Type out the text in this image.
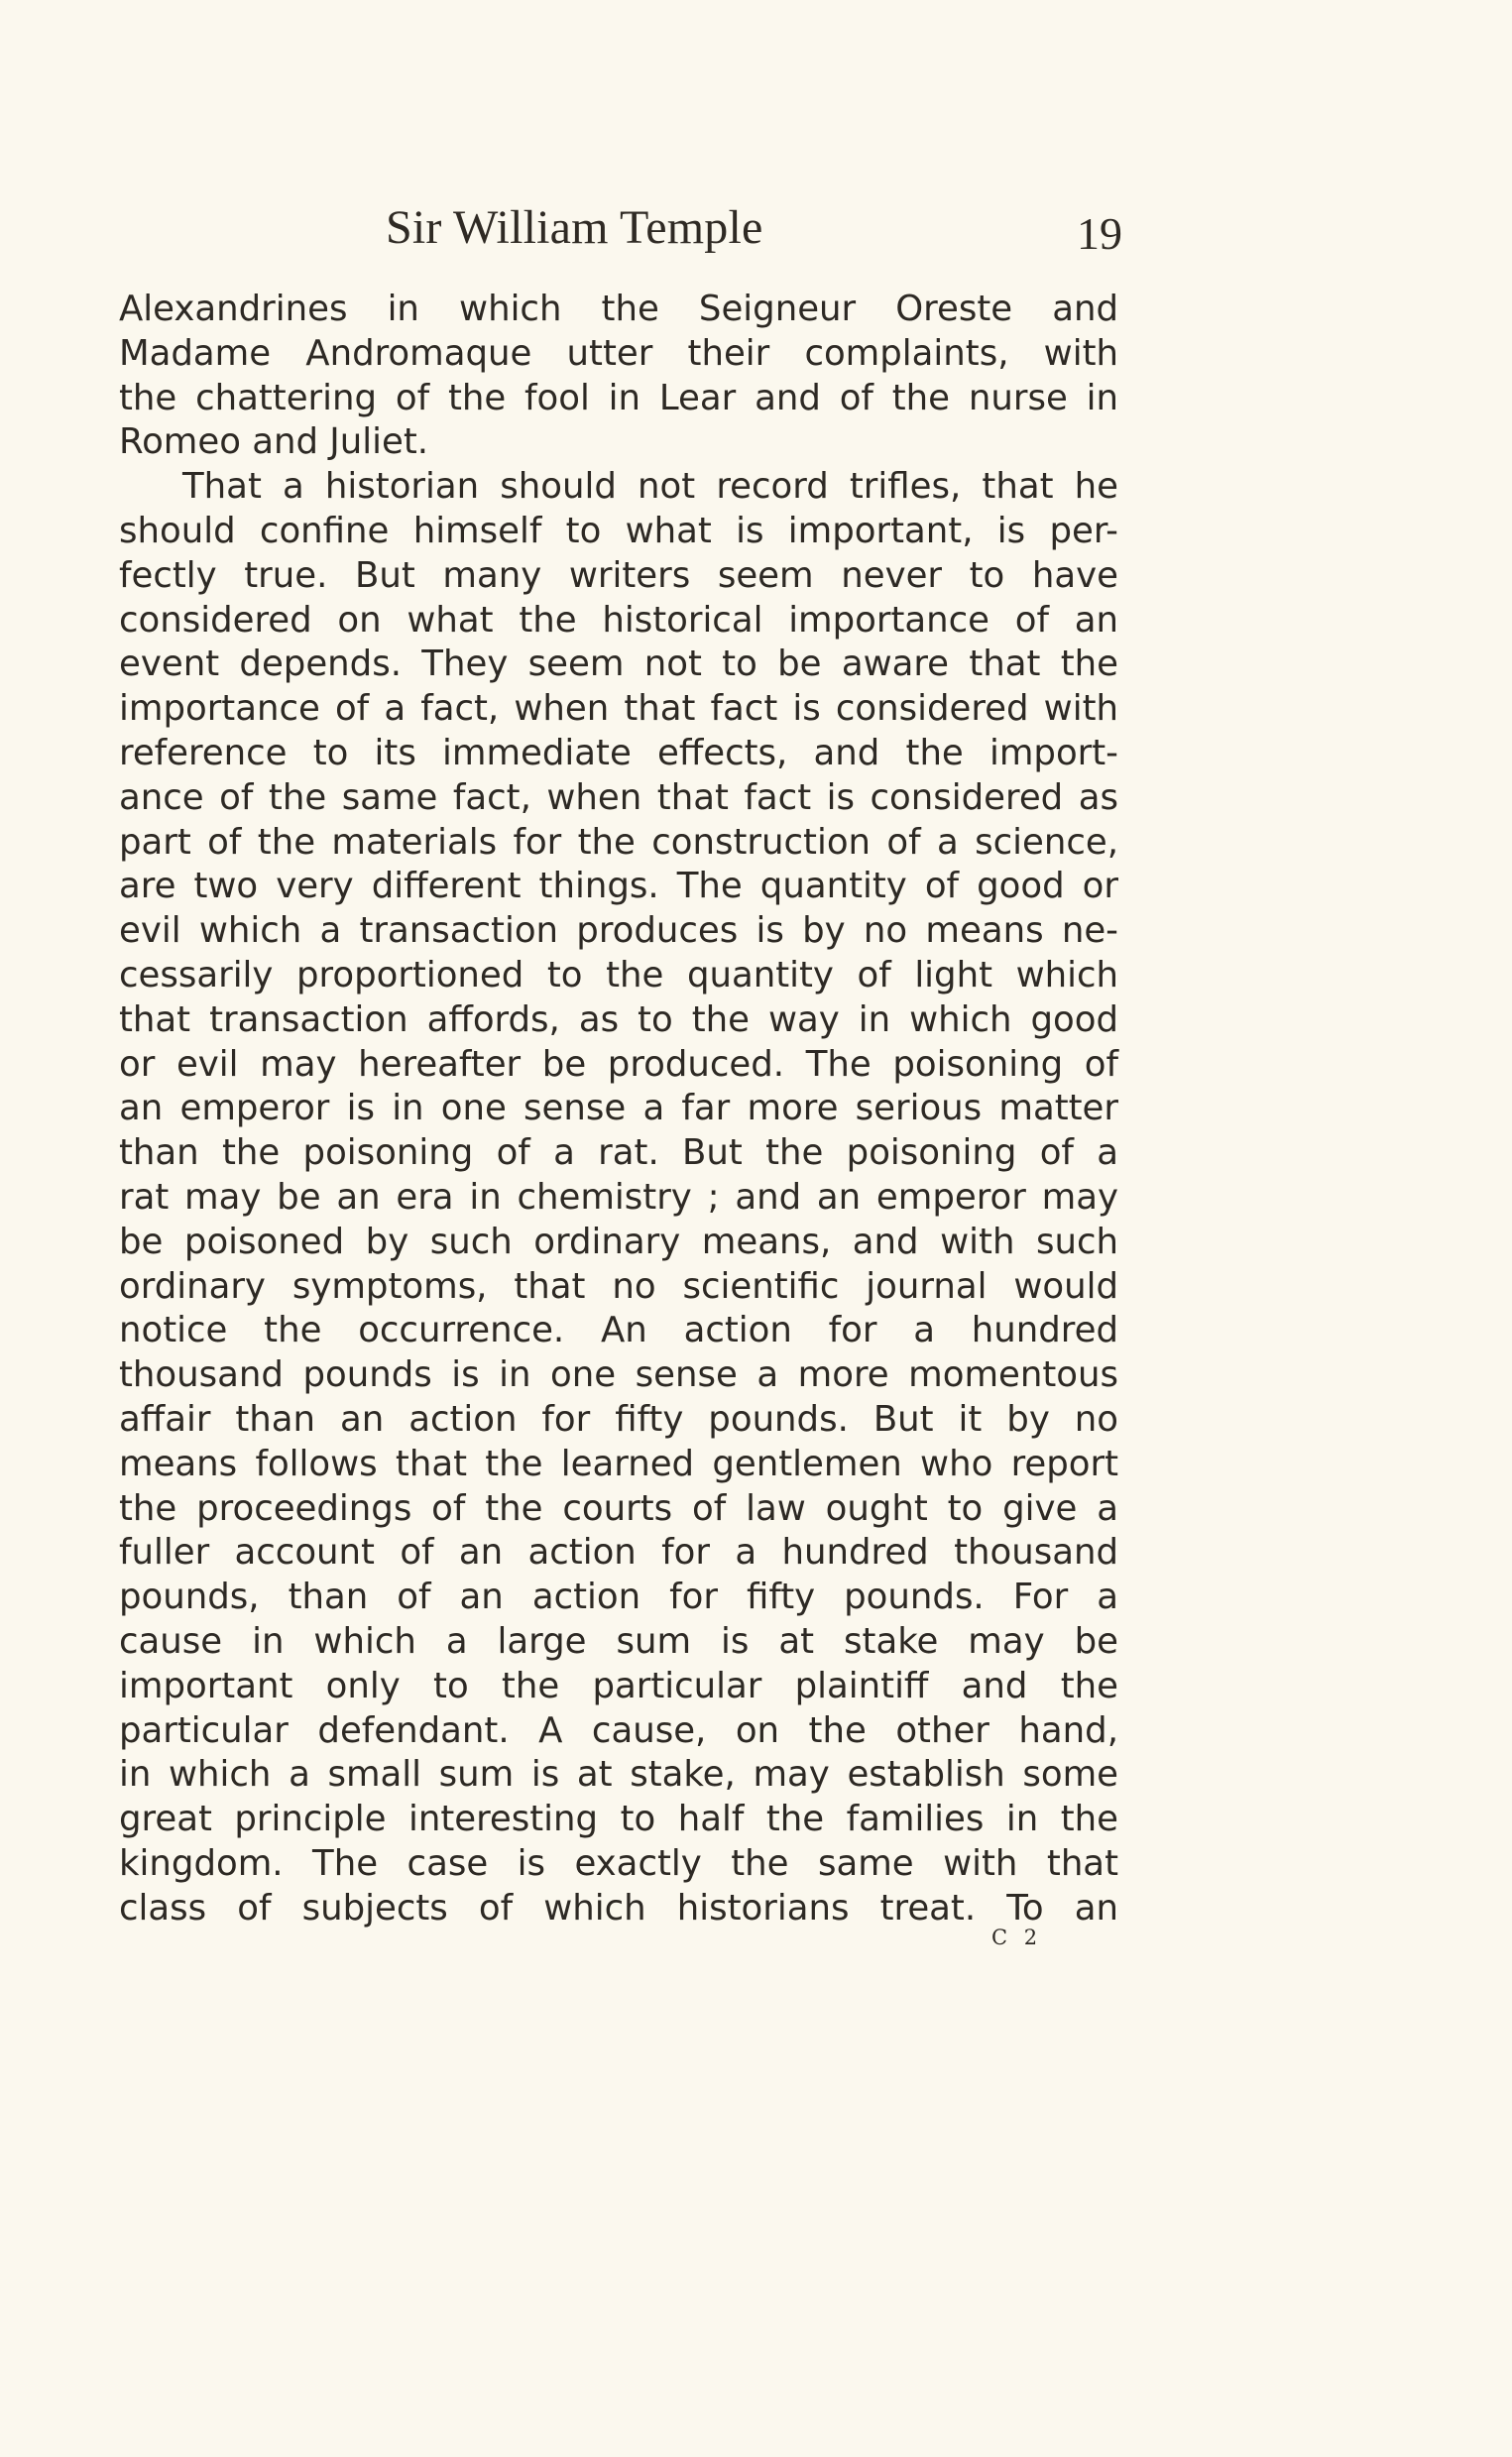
Sir William Temple	19
Alexandrines in which the Seigneur Oreste and
Madame Andromaque utter their complaints, with
the chattering of the fool in Lear and of the nurse in
Romeo and Juliet.
That a historian should not record trifles, that he
should confine himself to what is important, is per-
fectly true. But many writers seem never to have
considered on what the historical importance of an
event depends. They seem not to be aware that the
importance of a fact, when that fact is considered with
reference to its immediate effects, and the import-
ance of the same fact, when that fact is considered as
part of the materials for the construction of a science,
are two very different things. The quantity of good or
evil which a transaction produces is by no means ne-
cessarily proportioned to the quantity of light which
that transaction affords, as to the way in which good
or evil may hereafter be produced. The poisoning of
an emperor is in one sense a far more serious matter
than the poisoning of a rat. But the poisoning of a
rat may be an era in chemistry ; and an emperor may
be poisoned by such ordinary means, and with such
ordinary symptoms, that no scientific journal would
notice the occurrence. An action for a hundred
thousand pounds is in one sense a more momentous
affair than an action for fifty pounds. But it by no
means follows that the learned gentlemen who report
the proceedings of the courts of law ought to give a
fuller account of an action for a hundred thousand
pounds, than of an action for fifty pounds. For a
cause in which a large sum is at stake may be
important only to the particular plaintiff and the
particular defendant. A cause, on the other hand,
in which a small sum is at stake, may establish some
great principle interesting to half the families in the
kingdom. The case is exactly the same with that
class of subjects of which historians treat. To an
C 2
